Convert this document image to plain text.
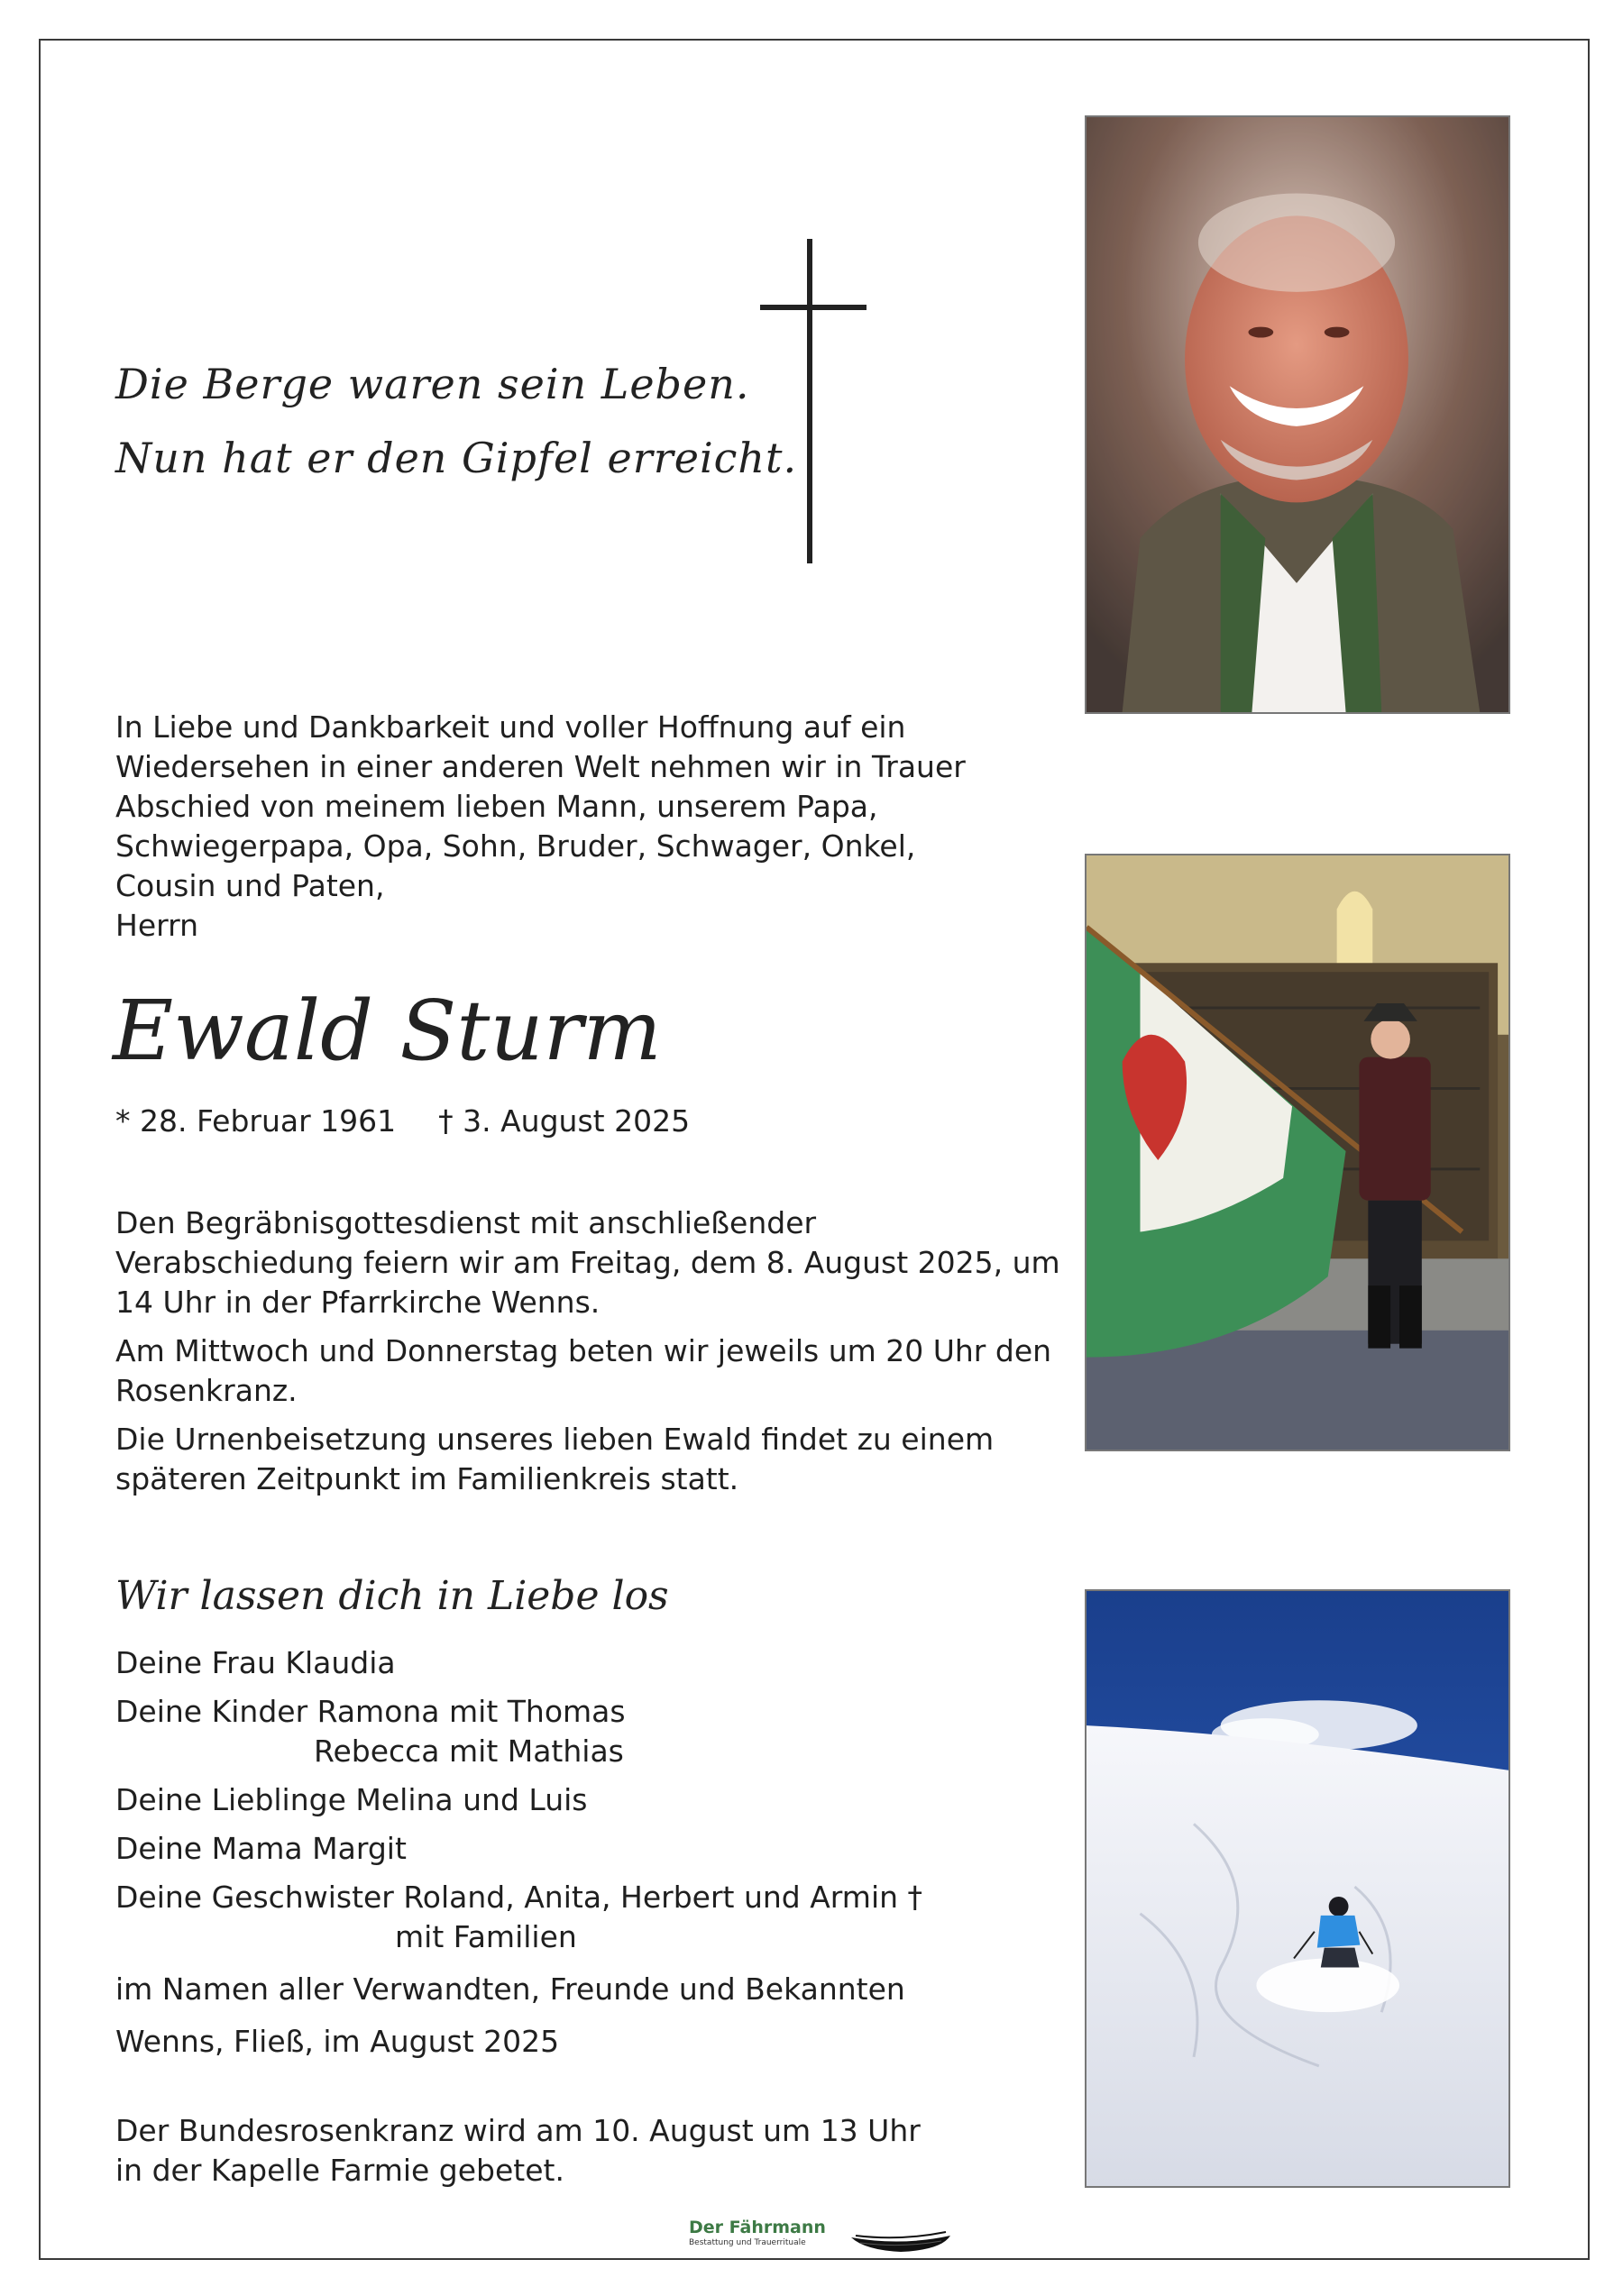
Die Berge waren sein Leben.
Nun hat er den Gipfel erreicht.
In Liebe und Dankbarkeit und voller Hoffnung auf ein
Wiedersehen in einer anderen Welt nehmen wir in Trauer
Abschied von meinem lieben Mann, unserem Papa,
Schwiegerpapa, Opa, Sohn, Bruder, Schwager, Onkel,
Cousin und Paten,
Herrn
Ewald Sturm
* 28. Februar 1961 † 3. August 2025

Den Begräbnisgottesdienst mit anschließender Verabschiedung feiern wir am Freitag, dem 8. August 2025, um 14 Uhr in der Pfarrkirche Wenns.

Am Mittwoch und Donnerstag beten wir jeweils um 20 Uhr den Rosenkranz.

Die Urnenbeisetzung unseres lieben Ewald findet zu einem späteren Zeitpunkt im Familienkreis statt.

Wir lassen dich in Liebe los
Deine Frau Klaudia
Deine Kinder Ramona mit Thomas
Rebecca mit Mathias
Deine Lieblinge Melina und Luis
Deine Mama Margit
Deine Geschwister Roland, Anita, Herbert und Armin †
mit Familien
im Namen aller Verwandten, Freunde und Bekannten
Wenns, Fließ, im August 2025
Der Bundesrosenkranz wird am 10. August um 13 Uhr
in der Kapelle Farmie gebetet.
Der Fährmann
Bestattung und Trauerrituale
